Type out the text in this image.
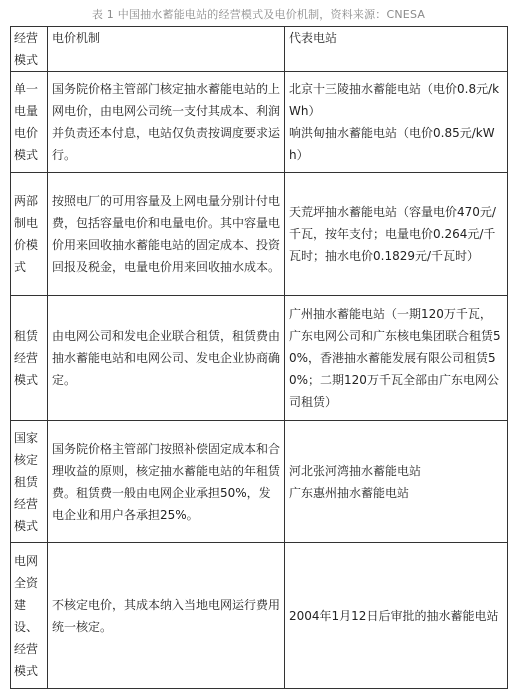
表 1 中国抽水蓄能电站的经营模式及电价机制，资料来源：CNESA
经营模式	电价机制	代表电站
单一电量电价模式	国务院价格主管部门核定抽水蓄能电站的上网电价，由电网公司统一支付其成本、利润并负责还本付息，电站仅负责按调度要求运行。	北京十三陵抽水蓄能电站（电价0.8元/kWh）
响洪甸抽水蓄能电站（电价0.85元/kWh）

两部制电价模式	按照电厂的可用容量及上网电量分别计付电费，包括容量电价和电量电价。其中容量电价用来回收抽水蓄能电站的固定成本、投资回报及税金，电量电价用来回收抽水成本。	天荒坪抽水蓄能电站（容量电价470元/千瓦，按年支付；电量电价0.264元/千瓦时；抽水电价0.1829元/千瓦时）

租赁经营模式	由电网公司和发电企业联合租赁，租赁费由抽水蓄能电站和电网公司、发电企业协商确定。	广州抽水蓄能电站（一期120万千瓦，广东电网公司和广东核电集团联合租赁50%，香港抽水蓄能发展有限公司租赁50%；二期120万千瓦全部由广东电网公司租赁）

国家核定租赁经营模式	国务院价格主管部门按照补偿固定成本和合理收益的原则，核定抽水蓄能电站的年租赁费。租赁费一般由电网企业承担50%，发电企业和用户各承担25%。	河北张河湾抽水蓄能电站
广东惠州抽水蓄能电站

电网全资建设、经营模式	不核定电价，其成本纳入当地电网运行费用统一核定。	2004年1月12日后审批的抽水蓄能电站
